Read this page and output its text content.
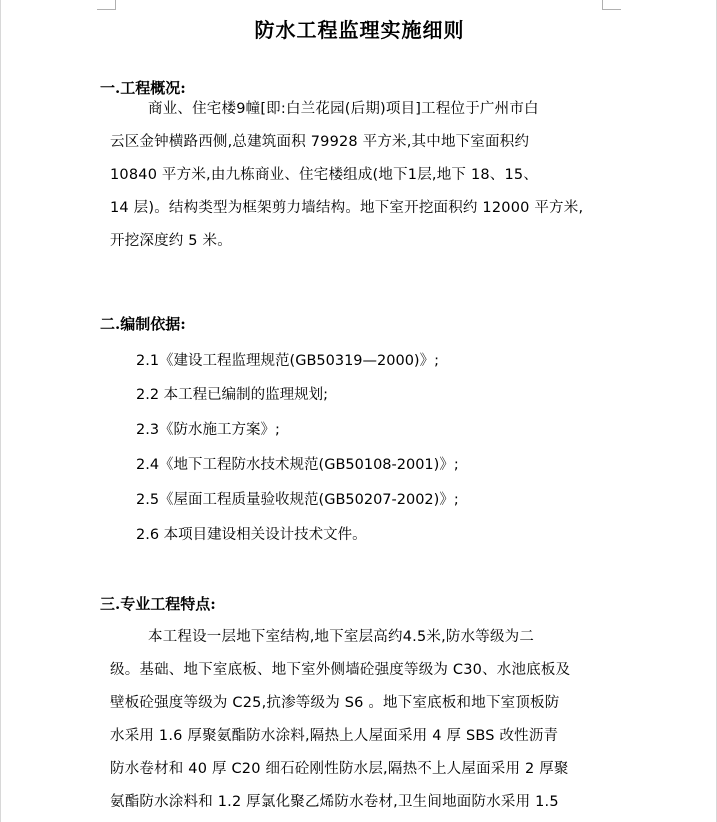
防水工程监理实施细则
一.工程概况:
商业、住宅楼9幢[即:白兰花园(后期)项目]工程位于广州市白
云区金钟横路西侧,总建筑面积 79928 平方米,其中地下室面积约
10840 平方米,由九栋商业、住宅楼组成(地下1层,地下 18、15、
14 层)。结构类型为框架剪力墙结构。地下室开挖面积约 12000 平方米,
开挖深度约 5 米。
二.编制依据:
2.1《建设工程监理规范(GB50319—2000)》;
2.2 本工程已编制的监理规划;
2.3《防水施工方案》;
2.4《地下工程防水技术规范(GB50108-2001)》;
2.5《屋面工程质量验收规范(GB50207-2002)》;
2.6 本项目建设相关设计技术文件。
三.专业工程特点:
本工程设一层地下室结构,地下室层高约4.5米,防水等级为二
级。基础、地下室底板、地下室外侧墙砼强度等级为 C30、水池底板及
壁板砼强度等级为 C25,抗渗等级为 S6 。地下室底板和地下室顶板防
水采用 1.6 厚聚氨酯防水涂料,隔热上人屋面采用 4 厚 SBS 改性沥青
防水卷材和 40 厚 C20 细石砼刚性防水层,隔热不上人屋面采用 2 厚聚
氨酯防水涂料和 1.2 厚氯化聚乙烯防水卷材,卫生间地面防水采用 1.5
